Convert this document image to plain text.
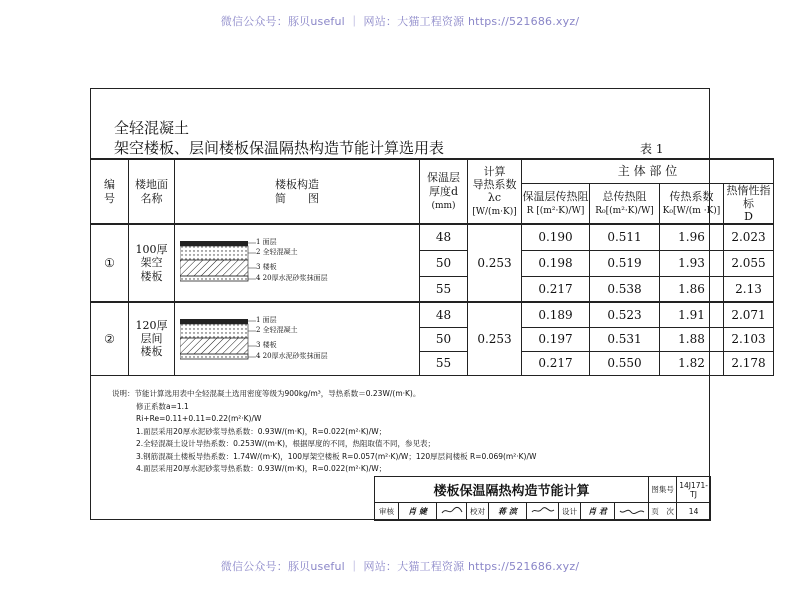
微信公众号：豚贝useful ｜ 网站：大猫工程资源 https://521686.xyz/
全轻混凝土
架空楼板、层间楼板保温隔热构造节能计算选用表	表 1
编
号	楼地面
名称	楼板构造
简　　图	保温层
厚度d
(mm)	计算
导热系数
λc
[W/(m·K)]	主 体 部 位			
					保温层传热阻
R [(m²·K)/W]	总传热阻
R₀[(m²·K)/W]	传热系数
K₀[W/(m ·K)]	热惰性指标
D
①	100厚
架空
楼板	1 面层
2 全轻混凝土
3 楼板
4 20厚水泥砂浆抹面层	48	0.253	0.190	0.511	1.96	2.023
			50		0.198	0.519	1.93	2.055
			55		0.217	0.538	1.86	2.13
②	120厚
层间
楼板	1 面层
2 全轻混凝土
3 楼板
4 20厚水泥砂浆抹面层	48	0.253	0.189	0.523	1.91	2.071
			50		0.197	0.531	1.88	2.103
			55		0.217	0.550	1.82	2.178
说明：节能计算选用表中全轻混凝土选用密度等级为900kg/m³，导热系数＝0.23W/(m·K)。
修正系数a=1.1
Ri+Re=0.11+0.11=0.22(m²·K)/W
1.面层采用20厚水泥砂浆导热系数：0.93W/(m·K)，R=0.022(m²·K)/W；
2.全轻混凝土设计导热系数：0.253W/(m·K)，根据厚度的不同，热阻取值不同，参见表；
3.钢筋混凝土楼板导热系数：1.74W/(m·K)，100厚架空楼板 R=0.057(m²·K)/W；120厚层间楼板 R=0.069(m²·K)/W
4.面层采用20厚水泥砂浆导热系数：0.93W/(m·K)，R=0.022(m²·K)/W；
楼板保温隔热构造节能计算									图集号	14J171-TJ
审核	肖 婕		校对	蒋 滨		设计	肖 君		页　次	14
微信公众号：豚贝useful ｜ 网站：大猫工程资源 https://521686.xyz/
